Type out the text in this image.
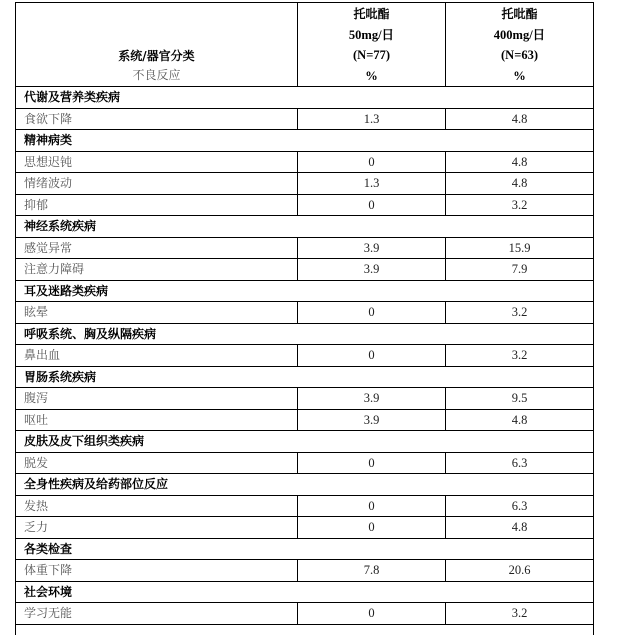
系统/器官分类
不良反应

托吡酯
50mg/日
(N=77)
%

托吡酯
400mg/日
(N=63)
%

代谢及营养类疾病		
食欲下降	1.3	4.8
精神病类		
思想迟钝	0	4.8
情绪波动	1.3	4.8
抑郁	0	3.2
神经系统疾病		
感觉异常	3.9	15.9
注意力障碍	3.9	7.9
耳及迷路类疾病		
眩晕	0	3.2
呼吸系统、胸及纵隔疾病		
鼻出血	0	3.2
胃肠系统疾病		
腹泻	3.9	9.5
呕吐	3.9	4.8
皮肤及皮下组织类疾病		
脱发	0	6.3
全身性疾病及给药部位反应		
发热	0	6.3
乏力	0	4.8
各类检查		
体重下降	7.8	20.6
社会环境		
学习无能	0	3.2
